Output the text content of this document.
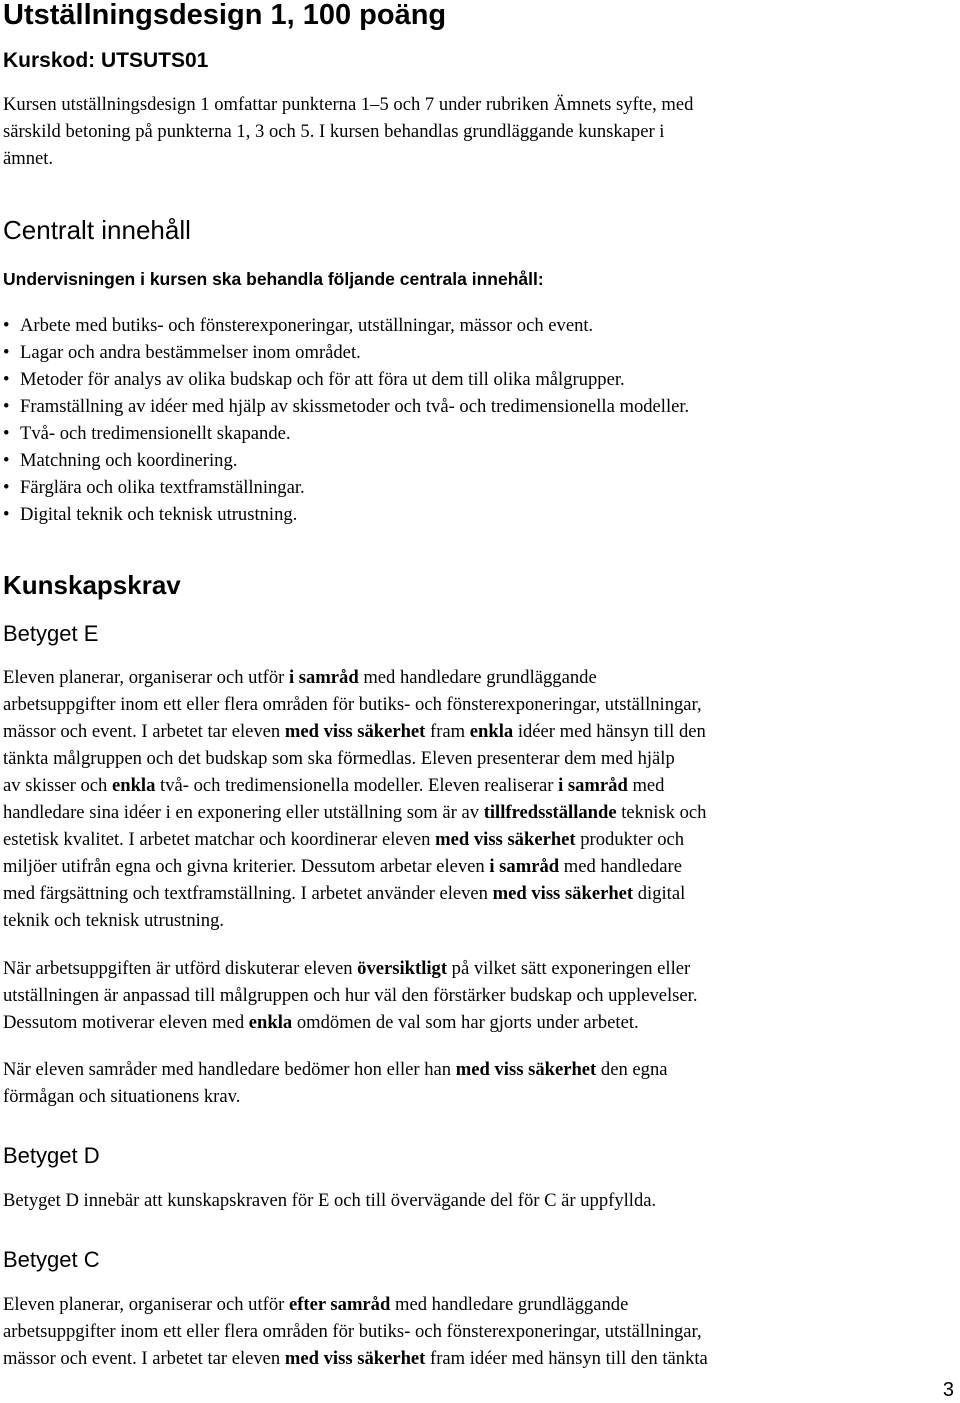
Utställningsdesign 1, 100 poäng
Kurskod: UTSUTS01
Kursen utställningsdesign 1 omfattar punkterna 1–5 och 7 under rubriken Ämnets syfte, med
särskild betoning på punkterna 1, 3 och 5. I kursen behandlas grundläggande kunskaper i
ämnet.
Centralt innehåll
Undervisningen i kursen ska behandla följande centrala innehåll:
• Arbete med butiks- och fönsterexponeringar, utställningar, mässor och event.
• Lagar och andra bestämmelser inom området.
• Metoder för analys av olika budskap och för att föra ut dem till olika målgrupper.
• Framställning av idéer med hjälp av skissmetoder och två- och tredimensionella modeller.
• Två- och tredimensionellt skapande.
• Matchning och koordinering.
• Färglära och olika textframställningar.
• Digital teknik och teknisk utrustning.
Kunskapskrav
Betyget E
Eleven planerar, organiserar och utför i samråd med handledare grundläggande
arbetsuppgifter inom ett eller flera områden för butiks- och fönsterexponeringar, utställningar,
mässor och event. I arbetet tar eleven med viss säkerhet fram enkla idéer med hänsyn till den
tänkta målgruppen och det budskap som ska förmedlas. Eleven presenterar dem med hjälp
av skisser och enkla två- och tredimensionella modeller. Eleven realiserar i samråd med
handledare sina idéer i en exponering eller utställning som är av tillfredsställande teknisk och
estetisk kvalitet. I arbetet matchar och koordinerar eleven med viss säkerhet produkter och
miljöer utifrån egna och givna kriterier. Dessutom arbetar eleven i samråd med handledare
med färgsättning och textframställning. I arbetet använder eleven med viss säkerhet digital
teknik och teknisk utrustning.
När arbetsuppgiften är utförd diskuterar eleven översiktligt på vilket sätt exponeringen eller
utställningen är anpassad till målgruppen och hur väl den förstärker budskap och upplevelser.
Dessutom motiverar eleven med enkla omdömen de val som har gjorts under arbetet.
När eleven samråder med handledare bedömer hon eller han med viss säkerhet den egna
förmågan och situationens krav.
Betyget D
Betyget D innebär att kunskapskraven för E och till övervägande del för C är uppfyllda.
Betyget C
Eleven planerar, organiserar och utför efter samråd med handledare grundläggande
arbetsuppgifter inom ett eller flera områden för butiks- och fönsterexponeringar, utställningar,
mässor och event. I arbetet tar eleven med viss säkerhet fram idéer med hänsyn till den tänkta
3
